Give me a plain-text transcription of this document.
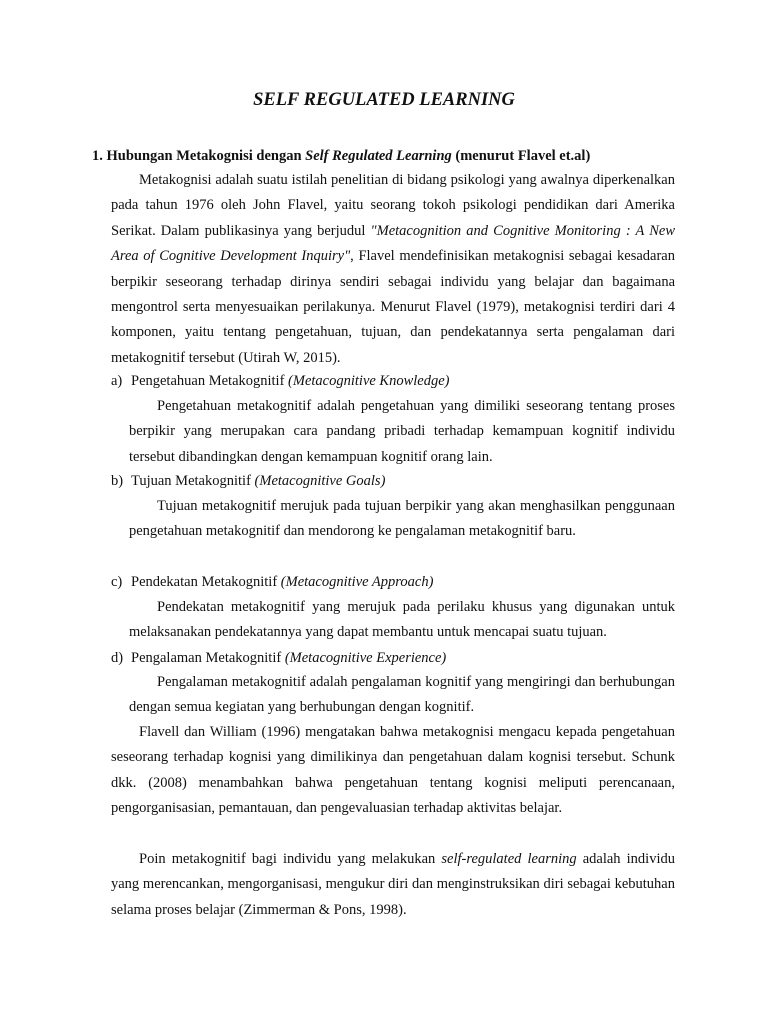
SELF REGULATED LEARNING
1. Hubungan Metakognisi dengan Self Regulated Learning (menurut Flavel et.al)
Metakognisi adalah suatu istilah penelitian di bidang psikologi yang awalnya diperkenalkan pada tahun 1976 oleh John Flavel, yaitu seorang tokoh psikologi pendidikan dari Amerika Serikat. Dalam publikasinya yang berjudul "Metacognition and Cognitive Monitoring : A New Area of Cognitive Development Inquiry", Flavel mendefinisikan metakognisi sebagai kesadaran berpikir seseorang terhadap dirinya sendiri sebagai individu yang belajar dan bagaimana mengontrol serta menyesuaikan perilakunya. Menurut Flavel (1979), metakognisi terdiri dari 4 komponen, yaitu tentang pengetahuan, tujuan, dan pendekatannya serta pengalaman dari metakognitif tersebut (Utirah W, 2015).
a) Pengetahuan Metakognitif (Metacognitive Knowledge)
Pengetahuan metakognitif adalah pengetahuan yang dimiliki seseorang tentang proses berpikir yang merupakan cara pandang pribadi terhadap kemampuan kognitif individu tersebut dibandingkan dengan kemampuan kognitif orang lain.
b) Tujuan Metakognitif (Metacognitive Goals)
Tujuan metakognitif merujuk pada tujuan berpikir yang akan menghasilkan penggunaan pengetahuan metakognitif dan mendorong ke pengalaman metakognitif baru.
c) Pendekatan Metakognitif (Metacognitive Approach)
Pendekatan metakognitif yang merujuk pada perilaku khusus yang digunakan untuk melaksanakan pendekatannya yang dapat membantu untuk mencapai suatu tujuan.
d) Pengalaman Metakognitif (Metacognitive Experience)
Pengalaman metakognitif adalah pengalaman kognitif yang mengiringi dan berhubungan dengan semua kegiatan yang berhubungan dengan kognitif.
Flavell dan William (1996) mengatakan bahwa metakognisi mengacu kepada pengetahuan seseorang terhadap kognisi yang dimilikinya dan pengetahuan dalam kognisi tersebut. Schunk dkk. (2008) menambahkan bahwa pengetahuan tentang kognisi meliputi perencanaan, pengorganisasian, pemantauan, dan pengevaluasian terhadap aktivitas belajar.
Poin metakognitif bagi individu yang melakukan self-regulated learning adalah individu yang merencankan, mengorganisasi, mengukur diri dan menginstruksikan diri sebagai kebutuhan selama proses belajar (Zimmerman & Pons, 1998).
